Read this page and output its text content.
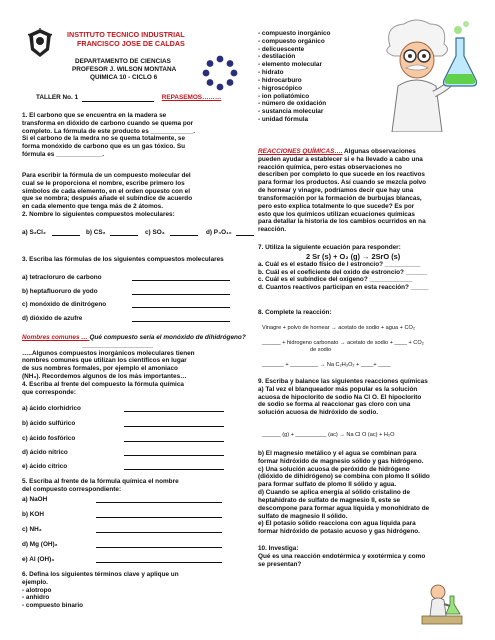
INSTITUTO TECNICO INDUSTRIAL
FRANCISCO JOSE DE CALDAS
DEPARTAMENTO DE CIENCIAS
PROFESOR J. WILSON MONTANA
QUIMICA 10 - CICLO 6
TALLER No. 1	REPASEMOS………

1. El carbono que se encuentra en la madera se

transforma en dióxido de carbono cuando se quema por

completo. La fórmula de este producto es ____________.

Si el carbono de la medra no se quema totalmente, se

forma monóxido de carbono que es un gas tóxico. Su

fórmula es _____________.

Para escribir la fórmula de un compuesto molecular del

cual se le proporciona el nombre, escribe primero los

símbolos de cada elemento, en el orden opuesto con el

que se nombra; después añade el subíndice de acuerdo

en cada elemento que tenga más de 2 átomos.

2. Nombre lo siguientes compuestos moleculares:

a) S₂Cl₂	b) CS₂	c) SO₃	d) P₄O₁₀
3. Escriba las fórmulas de los siguientes compuestos moleculares
a) tetracloruro de carbono
b) heptafluoruro de yodo
c) monóxido de dinitrógeno
d) dióxido de azufre

Nombres comunes … Qué compuesto sería el monóxido de dihidrógeno?

____________________

…..Algunos compuestos inorgánicos moleculares tienen

nombres comunes que utilizan los científicos en lugar

de sus nombres formales, por ejemplo el amoniaco

(NH₃). Recordemos algunos de los más importantes…

4. Escriba al frente del compuesto la fórmula química

que corresponde:

a) ácido clorhídrico
b) ácido sulfúrico
c) ácido fosfórico
d) ácido nítrico
e) ácido cítrico

5. Escriba al frente de la fórmula química el nombre

del compuesto correspondiente:

a) NaOH
b) KOH
c) NH₃
d) Mg (OH)₂
e) Al (OH)₃

6. Defina los siguientes términos clave y aplique un

ejemplo.

- alotropo

- anhidro

- compuesto binario

- compuesto inorgánico

- compuesto orgánico

- delicuescente

- destilación

- elemento molecular

- hidrato

- hidrocarburo

- higroscópico

- ion poliatómico

- número de oxidación

- sustancia molecular

- unidad fórmula

REACCIONES QUÍMICAS…. Algunas observaciones

pueden ayudar a establecer si e ha llevado a cabo una

reacción química, pero estas observaciones no

describen por completo lo que sucede en los reactivos

para formar los productos. Así cuando se mezcla polvo

de hornear y vinagre, podríamos decir que hay una

transformación por la formación de burbujas blancas,

pero esto explica totalmente lo que sucede? Es por

esto que los químicos utilizan ecuaciones químicas

para detallar la historia de los cambios ocurridos en na

reacción.

7. Utiliza la siguiente ecuación para responder:

2 Sr (s) + O₂ (g) → 2SrO (s)

a. Cuál es el estado físico de l estroncio? __________

b. Cuál es el coeficiente del oxido de estroncio? ______

c. Cuál es el subíndice del oxígeno? ____________

d. Cuantos reactivos participan en esta reacción? _____

8. Complete la reacción:
Vinagre + polvo de hornear → acetato de sodio + agua + CO₂
______ + hidrogeno carbonato → acetato de sodio + ____ + CO₂
de sodio
_______ + _________ → Na C₂H₃O₂ + ____+ ____

9. Escriba y balance las siguientes reacciones químicas

a) Tal vez el blanqueador más popular es la solución

acuosa de hipoclorito de sodio Na Cl O. El hipoclorito

de sodio se forma al reaccionar gas cloro con una

solución acuosa de hidróxido de sodio.

______ (g) + __________ (ac) → Na Cl O (ac) + H₂O

b) El magnesio metálico y el agua se combinan para

formar hidróxido de magnesio sólido y gas hidrógeno.

c) Una solución acuosa de peróxido de hidrógeno

(dióxido de dihidrógeno) se combina con plomo II sólido

para formar sulfato de plomo II sólido y agua.

d) Cuando se aplica energía al sólido cristalino de

heptahidrato de sulfato de magnesio II, este se

descompone para formar agua líquida y monohidrato de

sulfato de magnesio II sólido.

e) El potasio sólido reacciona con agua líquida para

formar hidróxido de potasio acuoso y gas hidrógeno.

10. Investiga:

Qué es una reacción endotérmica y exotérmica y como

se presentan?
